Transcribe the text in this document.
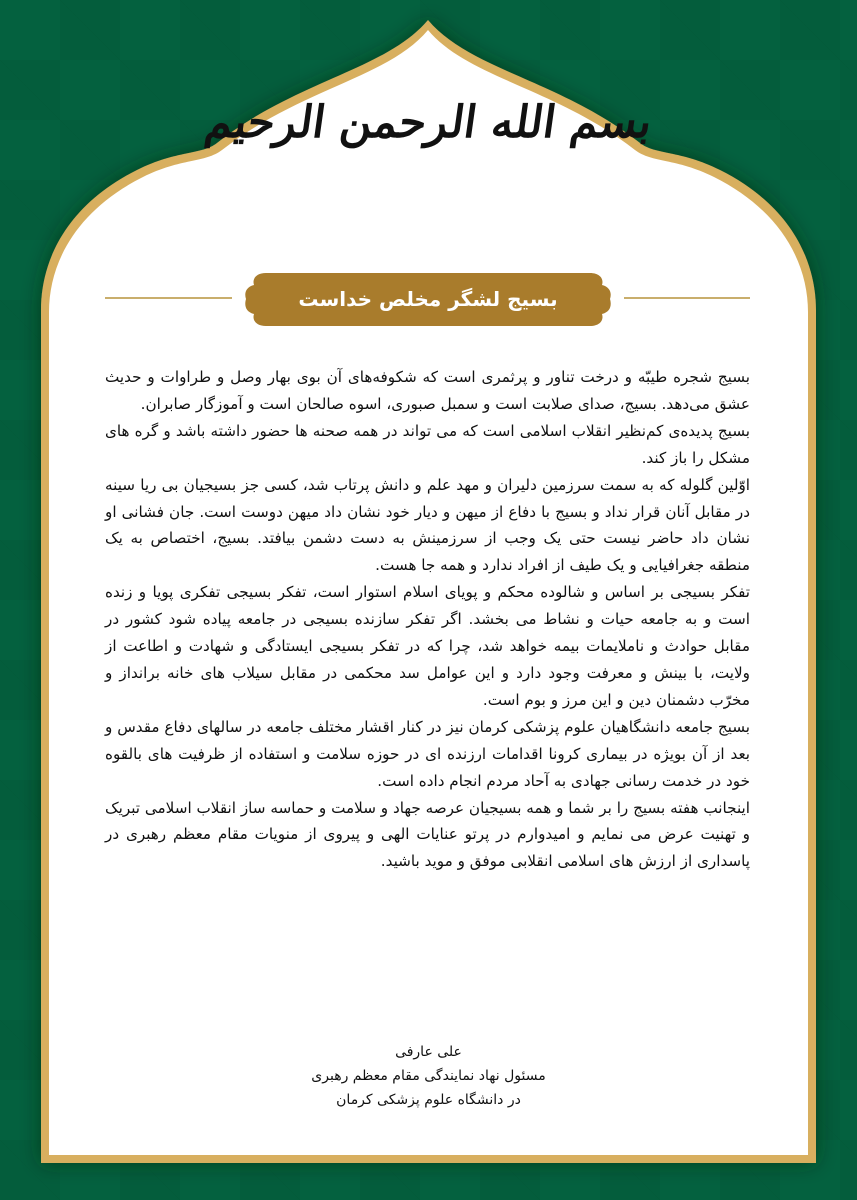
بسم الله الرحمن الرحیم
بسیج لشگر مخلص خداست

بسیج شجره طیبّه و درخت تناور و پرثمری است که شکوفه‌های آن بوی بهار وصل و طراوات و حدیث عشق می‌دهد. بسیج، صدای صلابت است و سمبل صبوری، اسوه صالحان است و آموزگار صابران.

بسیج پدیده‌ی کم‌نظیر انقلاب اسلامی است که می تواند در همه صحنه ها حضور داشته باشد و گره های مشکل را باز کند.

اوّلین گلوله که به سمت سرزمین دلیران و مهد علم و دانش پرتاب شد، کسی جز بسیجیان بی ریا سینه در مقابل آنان قرار نداد و بسیج با دفاع از میهن و دیار خود نشان داد میهن دوست است. جان فشانی او نشان داد حاضر نیست حتی یک وجب از سرزمینش به دست دشمن بیافتد. بسیج، اختصاص به یک منطقه جغرافیایی و یک طیف از افراد ندارد و همه جا هست.

تفکر بسیجی بر اساس و شالوده محکم و پویای اسلام استوار است، تفکر بسیجی تفکری پویا و زنده است و به جامعه حیات و نشاط می بخشد. اگر تفکر سازنده بسیجی در جامعه پیاده شود کشور در مقابل حوادث و ناملایمات بیمه خواهد شد، چرا که در تفکر بسیجی ایستادگی و شهادت و اطاعت از ولایت، با بینش و معرفت وجود دارد و این عوامل سد محکمی در مقابل سیلاب های خانه برانداز و مخرّب دشمنان دین و این مرز و بوم است.

بسیج جامعه دانشگاهیان علوم پزشکی کرمان نیز در کنار اقشار مختلف جامعه در سالهای دفاع مقدس و بعد از آن بویژه در بیماری کرونا اقدامات ارزنده ای در حوزه سلامت و استفاده از ظرفیت های بالقوه خود در خدمت رسانی جهادی به آحاد مردم انجام داده است.

اینجانب هفته بسیج را بر شما و همه بسیجیان عرصه جهاد و سلامت و حماسه ساز انقلاب اسلامی تبریک و تهنیت عرض می نمایم و امیدوارم در پرتو عنایات الهی و پیروی از منویات مقام معظم رهبری در پاسداری از ارزش های اسلامی انقلابی موفق و موید باشید.

علی عارفی
مسئول نهاد نمایندگی مقام معظم رهبری
در دانشگاه علوم پزشکی کرمان
